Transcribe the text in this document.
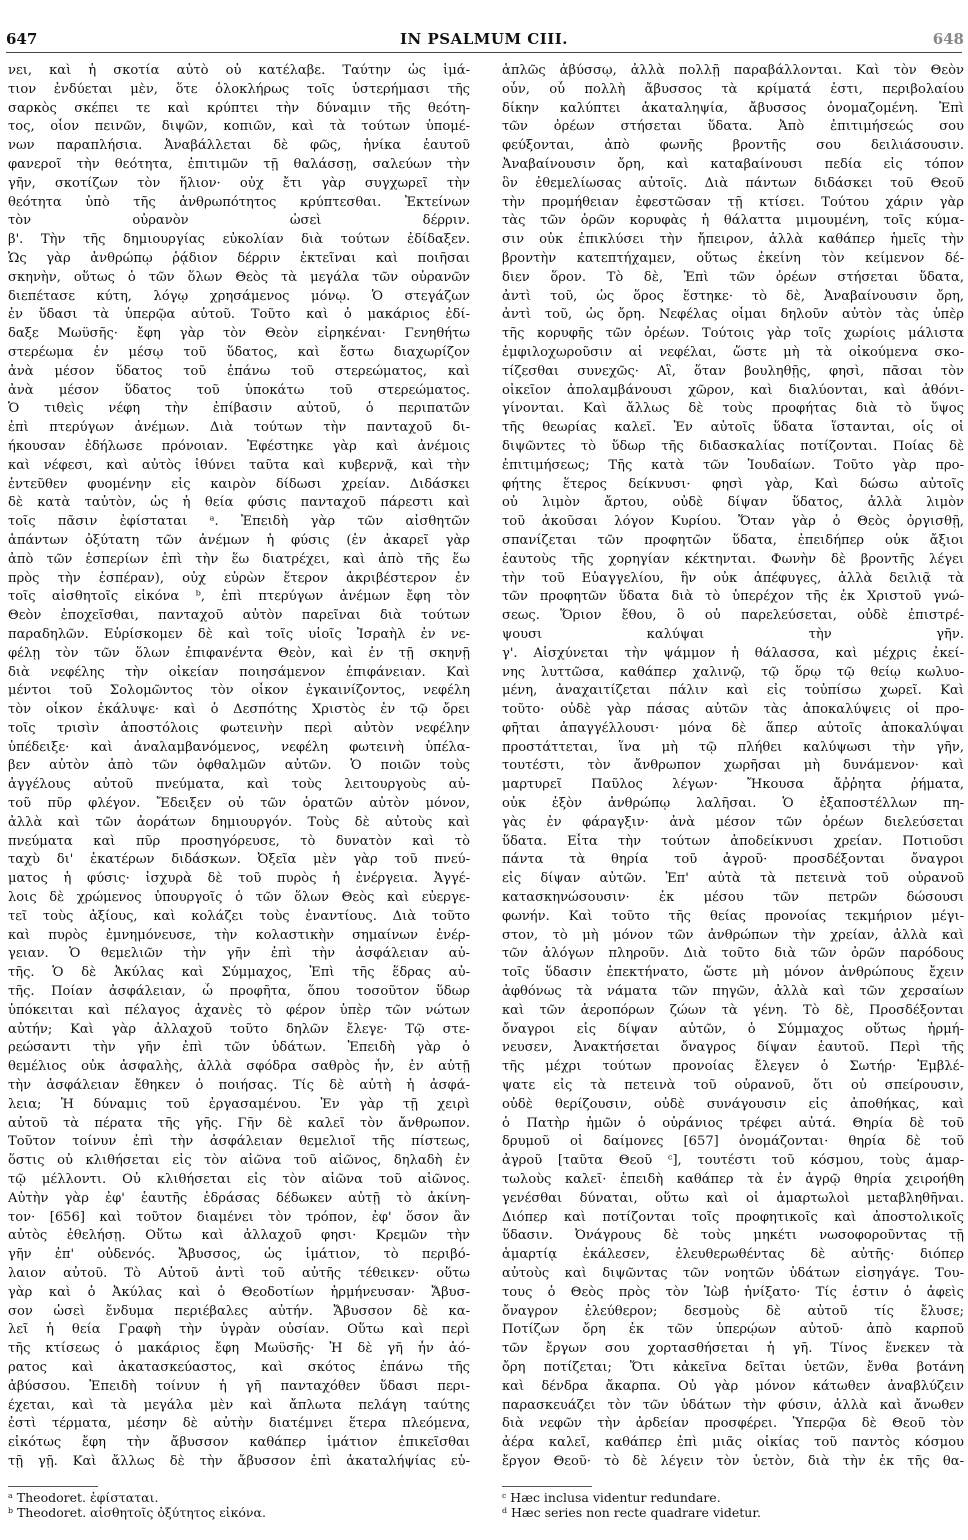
647	IN PSALMUM CIII.	648
νει, καὶ ἡ σκοτία αὐτὸ οὐ κατέλαβε. Ταύτην ὡς ἱμά-
τιον ἐνδύεται μὲν, ὅτε ὁλοκλήρως τοῖς ὑστερήμασι τῆς
σαρκὸς σκέπει τε καὶ κρύπτει τὴν δύναμιν τῆς θεότη-
τος, οἷον πεινῶν, διψῶν, κοπιῶν, καὶ τὰ τούτων ὑπομέ-
νων παραπλήσια. Ἀναβάλλεται δὲ φῶς, ἡνίκα ἑαυτοῦ
φανεροῖ τὴν θεότητα, ἐπιτιμῶν τῇ θαλάσσῃ, σαλεύων τὴν
γῆν, σκοτίζων τὸν ἥλιον· οὐχ ἔτι γὰρ συγχωρεῖ τὴν
θεότητα ὑπὸ τῆς ἀνθρωπότητος κρύπτεσθαι. Ἐκτείνων
τὸν οὐρανὸν ὡσεὶ δέρριν.
β'. Τὴν τῆς δημιουργίας εὐκολίαν διὰ τούτων ἐδίδαξεν.
Ὡς γὰρ ἀνθρώπῳ ῥᾴδιον δέρριν ἐκτεῖναι καὶ ποιῆσαι
σκηνὴν, οὕτως ὁ τῶν ὅλων Θεὸς τὰ μεγάλα τῶν οὐρανῶν
διεπέτασε κύτη, λόγῳ χρησάμενος μόνῳ. Ὁ στεγάζων
ἐν ὕδασι τὰ ὑπερῷα αὐτοῦ. Τοῦτο καὶ ὁ μακάριος ἐδί-
δαξε Μωϋσῆς· ἔφη γὰρ τὸν Θεὸν εἰρηκέναι· Γενηθήτω
στερέωμα ἐν μέσῳ τοῦ ὕδατος, καὶ ἔστω διαχωρίζον
ἀνὰ μέσον ὕδατος τοῦ ἐπάνω τοῦ στερεώματος, καὶ
ἀνὰ μέσον ὕδατος τοῦ ὑποκάτω τοῦ στερεώματος.
Ὁ τιθεὶς νέφη τὴν ἐπίβασιν αὐτοῦ, ὁ περιπατῶν
ἐπὶ πτερύγων ἀνέμων. Διὰ τούτων τὴν πανταχοῦ δι-
ήκουσαν ἐδήλωσε πρόνοιαν. Ἐφέστηκε γὰρ καὶ ἀνέμοις
καὶ νέφεσι, καὶ αὐτὸς ἰθύνει ταῦτα καὶ κυβερνᾷ, καὶ τὴν
ἐντεῦθεν φυομένην εἰς καιρὸν δίδωσι χρείαν. Διδάσκει
δὲ κατὰ ταὐτὸν, ὡς ἡ θεία φύσις πανταχοῦ πάρεστι καὶ
τοῖς πᾶσιν ἐφίσταται ᵃ. Ἐπειδὴ γὰρ τῶν αἰσθητῶν
ἁπάντων ὀξύτατη τῶν ἀνέμων ἡ φύσις (ἐν ἀκαρεῖ γὰρ
ἀπὸ τῶν ἑσπερίων ἐπὶ τὴν ἕω διατρέχει, καὶ ἀπὸ τῆς ἕω
πρὸς τὴν ἑσπέραν), οὐχ εὑρὼν ἕτερον ἀκριβέστερον ἐν
τοῖς αἰσθητοῖς εἰκόνα ᵇ, ἐπὶ πτερύγων ἀνέμων ἔφη τὸν
Θεὸν ἐποχεῖσθαι, πανταχοῦ αὐτὸν παρεῖναι διὰ τούτων
παραδηλῶν. Εὑρίσκομεν δὲ καὶ τοῖς υἱοῖς Ἰσραὴλ ἐν νε-
φέλῃ τὸν τῶν ὅλων ἐπιφανέντα Θεὸν, καὶ ἐν τῇ σκηνῇ
διὰ νεφέλης τὴν οἰκείαν ποιησάμενον ἐπιφάνειαν. Καὶ
μέντοι τοῦ Σολομῶντος τὸν οἶκον ἐγκαινίζοντος, νεφέλη
τὸν οἶκον ἐκάλυψε· καὶ ὁ Δεσπότης Χριστὸς ἐν τῷ ὄρει
τοῖς τρισὶν ἀποστόλοις φωτεινὴν περὶ αὐτὸν νεφέλην
ὑπέδειξε· καὶ ἀναλαμβανόμενος, νεφέλη φωτεινὴ ὑπέλα-
βεν αὐτὸν ἀπὸ τῶν ὀφθαλμῶν αὐτῶν. Ὁ ποιῶν τοὺς
ἀγγέλους αὐτοῦ πνεύματα, καὶ τοὺς λειτουργοὺς αὐ-
τοῦ πῦρ φλέγον. Ἔδειξεν οὐ τῶν ὁρατῶν αὐτὸν μόνον,
ἀλλὰ καὶ τῶν ἀοράτων δημιουργόν. Τοὺς δὲ αὐτοὺς καὶ
πνεύματα καὶ πῦρ προσηγόρευσε, τὸ δυνατὸν καὶ τὸ
ταχὺ δι' ἑκατέρων διδάσκων. Ὀξεῖα μὲν γὰρ τοῦ πνεύ-
ματος ἡ φύσις· ἰσχυρὰ δὲ τοῦ πυρὸς ἡ ἐνέργεια. Ἀγγέ-
λοις δὲ χρώμενος ὑπουργοῖς ὁ τῶν ὅλων Θεὸς καὶ εὐεργε-
τεῖ τοὺς ἀξίους, καὶ κολάζει τοὺς ἐναντίους. Διὰ τοῦτο
καὶ πυρὸς ἐμνημόνευσε, τὴν κολαστικὴν σημαίνων ἐνέρ-
γειαν. Ὁ θεμελιῶν τὴν γῆν ἐπὶ τὴν ἀσφάλειαν αὐ-
τῆς. Ὁ δὲ Ἀκύλας καὶ Σύμμαχος, Ἐπὶ τῆς ἕδρας αὐ-
τῆς. Ποίαν ἀσφάλειαν, ὦ προφῆτα, ὅπου τοσοῦτον ὕδωρ
ὑπόκειται καὶ πέλαγος ἀχανὲς τὸ φέρον ὑπὲρ τῶν νώτων
αὐτήν; Καὶ γὰρ ἀλλαχοῦ τοῦτο δηλῶν ἔλεγε· Τῷ στε-
ρεώσαντι τὴν γῆν ἐπὶ τῶν ὑδάτων. Ἐπειδὴ γὰρ ὁ
θεμέλιος οὐκ ἀσφαλὴς, ἀλλὰ σφόδρα σαθρὸς ἦν, ἐν αὐτῇ
τὴν ἀσφάλειαν ἔθηκεν ὁ ποιήσας. Τίς δὲ αὐτὴ ἡ ἀσφά-
λεια; Ἡ δύναμις τοῦ ἐργασαμένου. Ἐν γὰρ τῇ χειρὶ
αὐτοῦ τὰ πέρατα τῆς γῆς. Γῆν δὲ καλεῖ τὸν ἄνθρωπον.
Τοῦτον τοίνυν ἐπὶ τὴν ἀσφάλειαν θεμελιοῖ τῆς πίστεως,
ὅστις οὐ κλιθήσεται εἰς τὸν αἰῶνα τοῦ αἰῶνος, δηλαδὴ ἐν
τῷ μέλλοντι. Οὐ κλιθήσεται εἰς τὸν αἰῶνα τοῦ αἰῶνος.
Αὐτὴν γὰρ ἐφ' ἑαυτῆς ἑδράσας δέδωκεν αὐτῇ τὸ ἀκίνη-
τον· [656] καὶ τοῦτον διαμένει τὸν τρόπον, ἐφ' ὅσον ἂν
αὐτὸς ἐθελήσῃ. Οὕτω καὶ ἀλλαχοῦ φησι· Κρεμῶν τὴν
γῆν ἐπ' οὐδενός. Ἄβυσσος, ὡς ἱμάτιον, τὸ περιβό-
λαιον αὐτοῦ. Τὸ Αὐτοῦ ἀντὶ τοῦ αὐτῆς τέθεικεν· οὕτω
γὰρ καὶ ὁ Ἀκύλας καὶ ὁ Θεοδοτίων ἡρμήνευσαν· Ἄβυσ-
σον ὡσεὶ ἔνδυμα περιέβαλες αὐτήν. Ἄβυσσον δὲ κα-
λεῖ ἡ θεία Γραφὴ τὴν ὑγρὰν οὐσίαν. Οὕτω καὶ περὶ
τῆς κτίσεως ὁ μακάριος ἔφη Μωϋσῆς· Ἡ δὲ γῆ ἦν ἀό-
ρατος καὶ ἀκατασκεύαστος, καὶ σκότος ἐπάνω τῆς
ἀβύσσου. Ἐπειδὴ τοίνυν ἡ γῆ πανταχόθεν ὕδασι περι-
έχεται, καὶ τὰ μεγάλα μὲν καὶ ἄπλωτα πελάγη ταύτης
ἐστὶ τέρματα, μέσην δὲ αὐτὴν διατέμνει ἕτερα πλεόμενα,
εἰκότως ἔφη τὴν ἄβυσσον καθάπερ ἱμάτιον ἐπικεῖσθαι
τῇ γῇ. Καὶ ἄλλως δὲ τὴν ἄβυσσον ἐπὶ ἀκαταλήψίας εὑ-
ἁπλῶς ἀβύσσῳ, ἀλλὰ πολλῇ παραβάλλονται. Καὶ τὸν Θεὸν
οὖν, οὗ πολλὴ ἄβυσσος τὰ κρίματά ἐστι, περιβολαίου
δίκην καλύπτει ἀκαταληψία, ἄβυσσος ὀνομαζομένη. Ἐπὶ
τῶν ὀρέων στήσεται ὕδατα. Ἀπὸ ἐπιτιμήσεώς σου
φεύξονται, ἀπὸ φωνῆς βροντῆς σου δειλιάσουσιν.
Ἀναβαίνουσιν ὄρη, καὶ καταβαίνουσι πεδία εἰς τόπον
ὃν ἐθεμελίωσας αὐτοῖς. Διὰ πάντων διδάσκει τοῦ Θεοῦ
τὴν προμήθειαν ἐφεστῶσαν τῇ κτίσει. Τούτου χάριν γὰρ
τὰς τῶν ὀρῶν κορυφὰς ἡ θάλαττα μιμουμένη, τοῖς κύμα-
σιν οὐκ ἐπικλύσει τὴν ἤπειρον, ἀλλὰ καθάπερ ἡμεῖς τὴν
βροντὴν κατεπτήχαμεν, οὕτως ἐκείνη τὸν κείμενον δέ-
διεν ὅρον. Τὸ δὲ, Ἐπὶ τῶν ὀρέων στήσεται ὕδατα,
ἀντὶ τοῦ, ὡς ὅρος ἕστηκε· τὸ δὲ, Ἀναβαίνουσιν ὄρη,
ἀντὶ τοῦ, ὡς ὄρη. Νεφέλας οἶμαι δηλοῦν αὐτὸν τὰς ὑπὲρ
τῆς κορυφῆς τῶν ὀρέων. Τούτοις γὰρ τοῖς χωρίοις μάλιστα
ἐμφιλοχωροῦσιν αἱ νεφέλαι, ὥστε μὴ τὰ οἰκούμενα σκο-
τίζεσθαι συνεχῶς· Αἳ, ὅταν βουληθῇς, φησὶ, πᾶσαι τὸν
οἰκεῖον ἀπολαμβάνουσι χῶρον, καὶ διαλύονται, καὶ ἀθόνι-
γίνονται. Καὶ ἄλλως δὲ τοὺς προφήτας διὰ τὸ ὕψος
τῆς θεωρίας καλεῖ. Ἐν αὐτοῖς ὕδατα ἵστανται, οἷς οἱ
διψῶντες τὸ ὕδωρ τῆς διδασκαλίας ποτίζονται. Ποίας δὲ
ἐπιτιμήσεως; Τῆς κατὰ τῶν Ἰουδαίων. Τοῦτο γὰρ προ-
φήτης ἕτερος δείκνυσι· φησὶ γὰρ, Καὶ δώσω αὐτοῖς
οὐ λιμὸν ἄρτου, οὐδὲ δίψαν ὕδατος, ἀλλὰ λιμὸν
τοῦ ἀκοῦσαι λόγον Κυρίου. Ὅταν γὰρ ὁ Θεὸς ὀργισθῇ,
σπανίζεται τῶν προφητῶν ὕδατα, ἐπειδήπερ οὐκ ἄξιοι
ἑαυτοὺς τῆς χορηγίαν κέκτηνται. Φωνὴν δὲ βροντῆς λέγει
τὴν τοῦ Εὐαγγελίου, ἣν οὐκ ἀπέφυγες, ἀλλὰ δειλιᾷ τὰ
τῶν προφητῶν ὕδατα διὰ τὸ ὑπερέχον τῆς ἐκ Χριστοῦ γνώ-
σεως. Ὅριον ἔθου, ὃ οὐ παρελεύσεται, οὐδὲ ἐπιστρέ-
ψουσι καλύψαι τὴν γῆν.
γ'. Αἰσχύνεται τὴν ψάμμον ἡ θάλασσα, καὶ μέχρις ἐκεί-
νης λυττῶσα, καθάπερ χαλινῷ, τῷ ὅρῳ τῷ θείῳ κωλυο-
μένη, ἀναχαιτίζεται πάλιν καὶ εἰς τοὐπίσω χωρεῖ. Καὶ
τοῦτο· οὐδὲ γὰρ πάσας αὐτῶν τὰς ἀποκαλύψεις οἱ προ-
φῆται ἀπαγγέλλουσι· μόνα δὲ ἅπερ αὐτοῖς ἀποκαλύψαι
προστάττεται, ἵνα μὴ τῷ πλήθει καλύψωσι τὴν γῆν,
τουτέστι, τὸν ἄνθρωπον χωρῆσαι μὴ δυνάμενον· καὶ
μαρτυρεῖ Παῦλος λέγων· Ἤκουσα ἄῤῥητα ῥήματα,
οὐκ ἐξὸν ἀνθρώπῳ λαλῆσαι. Ὁ ἐξαποστέλλων πη-
γὰς ἐν φάραγξιν· ἀνὰ μέσον τῶν ὀρέων διελεύσεται
ὕδατα. Εἶτα τὴν τούτων ἀποδείκνυσι χρείαν. Ποτιοῦσι
πάντα τὰ θηρία τοῦ ἀγροῦ· προσδέξονται ὄναγροι
εἰς δίψαν αὐτῶν. Ἐπ' αὐτὰ τὰ πετεινὰ τοῦ οὐρανοῦ
κατασκηνώσουσιν· ἐκ μέσου τῶν πετρῶν δώσουσι
φωνήν. Καὶ τοῦτο τῆς θείας προνοίας τεκμήριον μέγι-
στον, τὸ μὴ μόνον τῶν ἀνθρώπων τὴν χρείαν, ἀλλὰ καὶ
τῶν ἀλόγων πληροῦν. Διὰ τοῦτο διὰ τῶν ὀρῶν παρόδους
τοῖς ὕδασιν ἐπεκτήνατο, ὥστε μὴ μόνον ἀνθρώπους ἔχειν
ἀφθόνως τὰ νάματα τῶν πηγῶν, ἀλλὰ καὶ τῶν χερσαίων
καὶ τῶν ἀεροπόρων ζώων τὰ γένη. Τὸ δὲ, Προσδέξονται
ὄναγροι εἰς δίψαν αὐτῶν, ὁ Σύμμαχος οὕτως ἡρμή-
νευσεν, Ἀνακτήσεται ὄναγρος δίψαν ἑαυτοῦ. Περὶ τῆς
τῆς μέχρι τούτων προνοίας ἔλεγεν ὁ Σωτήρ· Ἐμβλέ-
ψατε εἰς τὰ πετεινὰ τοῦ οὐρανοῦ, ὅτι οὐ σπείρουσιν,
οὐδὲ θερίζουσιν, οὐδὲ συνάγουσιν εἰς ἀποθήκας, καὶ
ὁ Πατὴρ ἡμῶν ὁ οὐράνιος τρέφει αὐτά. Θηρία δὲ τοῦ
δρυμοῦ οἱ δαίμονες [657] ὀνομάζονται· θηρία δὲ τοῦ
ἀγροῦ [ταῦτα Θεοῦ ᶜ], τουτέστι τοῦ κόσμου, τοὺς ἁμαρ-
τωλοὺς καλεῖ· ἐπειδὴ καθάπερ τὰ ἐν ἀγρῷ θηρία χειροήθη
γενέσθαι δύναται, οὕτω καὶ οἱ ἁμαρτωλοὶ μεταβληθῆναι.
Διόπερ καὶ ποτίζονται τοῖς προφητικοῖς καὶ ἀποστολικοῖς
ὕδασιν. Ὀνάγρους δὲ τοὺς μηκέτι νωσοφοροῦντας τῇ
ἁμαρτίᾳ ἐκάλεσεν, ἐλευθερωθέντας δὲ αὐτῆς· διόπερ
αὐτοὺς καὶ διψῶντας τῶν νοητῶν ὑδάτων εἰσηγάγε. Του-
τους ὁ Θεὸς πρὸς τὸν Ἰὼβ ἠνίξατο· Τίς ἐστιν ὁ ἀφεὶς
ὄναγρον ἐλεύθερον; δεσμοὺς δὲ αὐτοῦ τίς ἔλυσε;
Ποτίζων ὄρη ἐκ τῶν ὑπερῴων αὐτοῦ· ἀπὸ καρποῦ
τῶν ἔργων σου χορτασθήσεται ἡ γῆ. Τίνος ἕνεκεν τὰ
ὄρη ποτίζεται; Ὅτι κἀκεῖνα δεῖται ὑετῶν, ἔνθα βοτάνη
καὶ δένδρα ἄκαρπα. Οὐ γὰρ μόνον κάτωθεν ἀναβλύζειν
παρασκευάζει τὸν τῶν ὑδάτων τὴν φύσιν, ἀλλὰ καὶ ἄνωθεν
διὰ νεφῶν τὴν ἀρδείαν προσφέρει. Ὑπερῷα δὲ Θεοῦ τὸν
ἀέρα καλεῖ, καθάπερ ἐπὶ μιᾶς οἰκίας τοῦ παντὸς κόσμου
ἔργον Θεοῦ· τὸ δὲ λέγειν τὸν ὑετὸν, διὰ τὴν ἐκ τῆς θα-
ᵃ Theodoret. ἐφίσταται.
ᵇ Theodoret. αἰσθητοῖς ὀξύτητος εἰκόνα.
ᶜ Hæc inclusa videntur redundare.
ᵈ Hæc series non recte quadrare videtur.
